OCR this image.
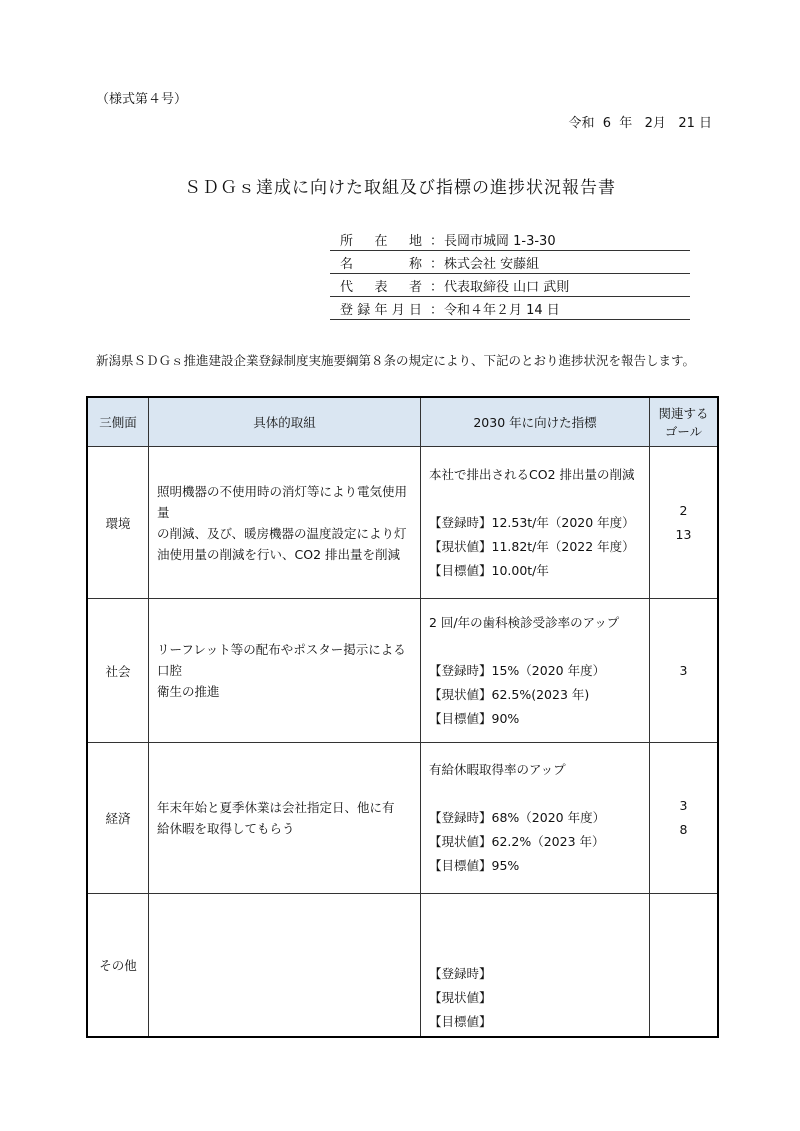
（様式第４号）
令和  6  年   2月   21 日
ＳＤＧｓ達成に向けた取組及び指標の進捗状況報告書
所在地 ： 長岡市城岡 1-3-30
名称 ： 株式会社 安藤組
代表者 ： 代表取締役 山口 武則
登録年月日 ： 令和４年２月 14 日
新潟県ＳＤＧｓ推進建設企業登録制度実施要綱第８条の規定により、下記のとおり進捗状況を報告します。
三側面	具体的取組	2030 年に向けた指標	関連する
ゴール

環境	照明機器の不使用時の消灯等により電気使用量
の削減、及び、暖房機器の温度設定により灯
油使用量の削減を行い、CO2 排出量を削減	本社で排出されるCO2 排出量の削減
【登録時】12.53t/年（2020 年度）
【現状値】11.82t/年（2022 年度）
【目標値】10.00t/年	2
13

社会	リーフレット等の配布やポスター掲示による口腔
衛生の推進	2 回/年の歯科検診受診率のアップ
【登録時】15%（2020 年度）
【現状値】62.5%(2023 年)
【目標値】90%	3

経済	年末年始と夏季休業は会社指定日、他に有
給休暇を取得してもらう	有給休暇取得率のアップ
【登録時】68%（2020 年度）
【現状値】62.2%（2023 年）
【目標値】95%	3
8

その他		【登録時】
【現状値】
【目標値】	
